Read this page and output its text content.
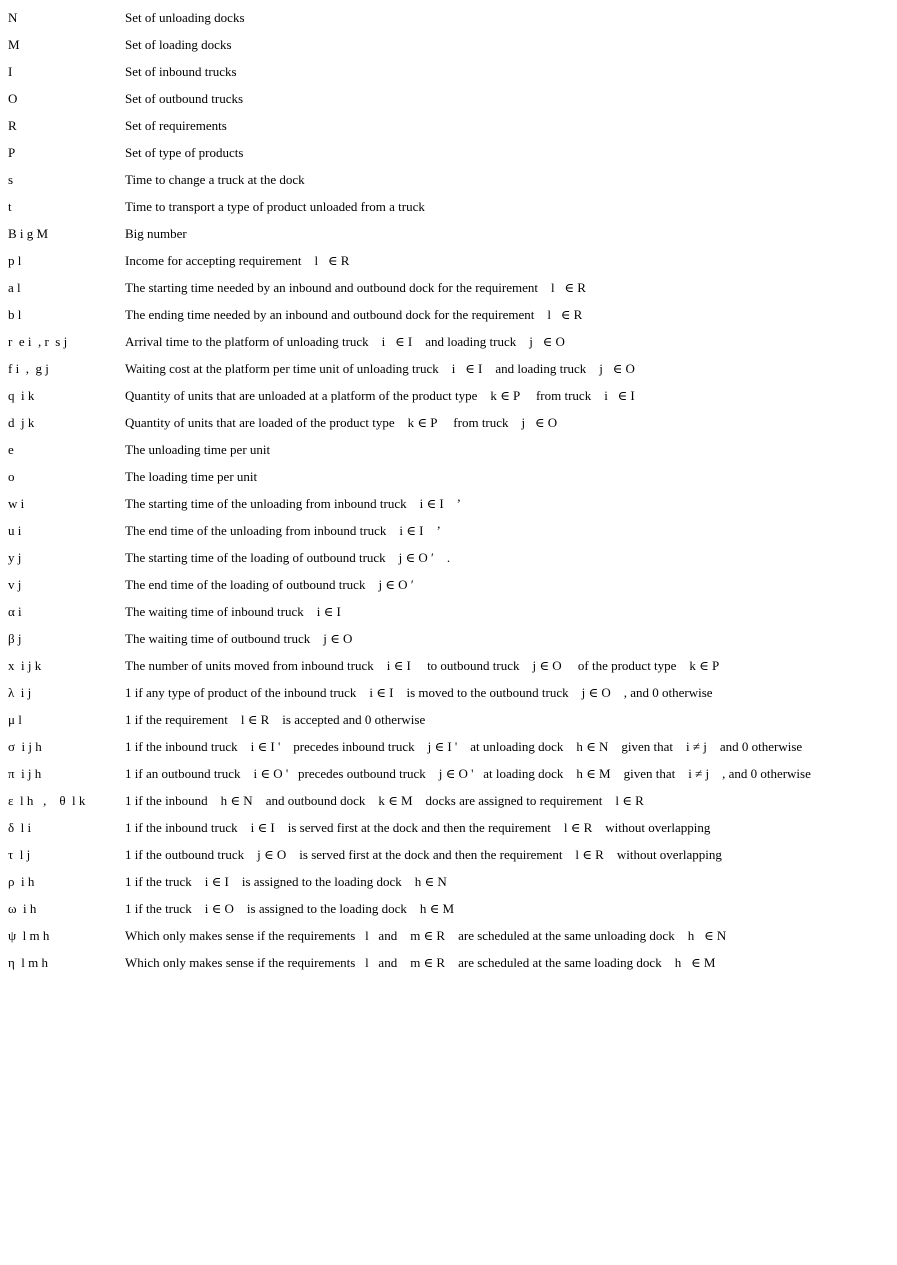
N	Set of unloading docks
M	Set of loading docks
I	Set of inbound trucks
O	Set of outbound trucks
R	Set of requirements
P	Set of type of products
s	Time to change a truck at the dock
t	Time to transport a type of product unloaded from a truck
B i g M	Big number
p l	Income for accepting requirement    l   ∈ R
a l	The starting time needed by an inbound and outbound dock for the requirement    l   ∈ R
b l	The ending time needed by an inbound and outbound dock for the requirement    l   ∈ R
r  e i  , r  s j	Arrival time to the platform of unloading truck    i   ∈ I    and loading truck    j   ∈ O
f i  ,  g j	Waiting cost at the platform per time unit of unloading truck    i   ∈ I    and loading truck    j   ∈ O
q  i k	Quantity of units that are unloaded at a platform of the product type    k ∈ P     from truck    i   ∈ I
d  j k	Quantity of units that are loaded of the product type    k ∈ P     from truck    j   ∈ O
e	The unloading time per unit
o	The loading time per unit
w i	The starting time of the unloading from inbound truck    i ∈ I    ’
u i	The end time of the unloading from inbound truck    i ∈ I    ’
y j	The starting time of the loading of outbound truck    j ∈ O ′    .
v j	The end time of the loading of outbound truck    j ∈ O ′
α i	The waiting time of inbound truck    i ∈ I
β j	The waiting time of outbound truck    j ∈ O
x  i j k	The number of units moved from inbound truck    i ∈ I     to outbound truck    j ∈ O     of the product type    k ∈ P
λ  i j	1 if any type of product of the inbound truck    i ∈ I    is moved to the outbound truck    j ∈ O    , and 0 otherwise
μ l	1 if the requirement    l ∈ R    is accepted and 0 otherwise
σ  i j h	1 if the inbound truck    i ∈ I '    precedes inbound truck    j ∈ I '    at unloading dock    h ∈ N    given that    i ≠ j    and 0 otherwise
π  i j h	1 if an outbound truck    i ∈ O '   precedes outbound truck    j ∈ O '   at loading dock    h ∈ M    given that    i ≠ j    , and 0 otherwise
ε  l h   ,    θ  l k	1 if the inbound    h ∈ N    and outbound dock    k ∈ M    docks are assigned to requirement    l ∈ R
δ  l i	1 if the inbound truck    i ∈ I    is served first at the dock and then the requirement    l ∈ R    without overlapping
τ  l j	1 if the outbound truck    j ∈ O    is served first at the dock and then the requirement    l ∈ R    without overlapping
ρ  i h	1 if the truck    i ∈ I    is assigned to the loading dock    h ∈ N
ω  i h	1 if the truck    i ∈ O    is assigned to the loading dock    h ∈ M
ψ  l m h	Which only makes sense if the requirements   l   and    m ∈ R    are scheduled at the same unloading dock    h   ∈ N
η  l m h	Which only makes sense if the requirements   l   and    m ∈ R    are scheduled at the same loading dock    h   ∈ M
